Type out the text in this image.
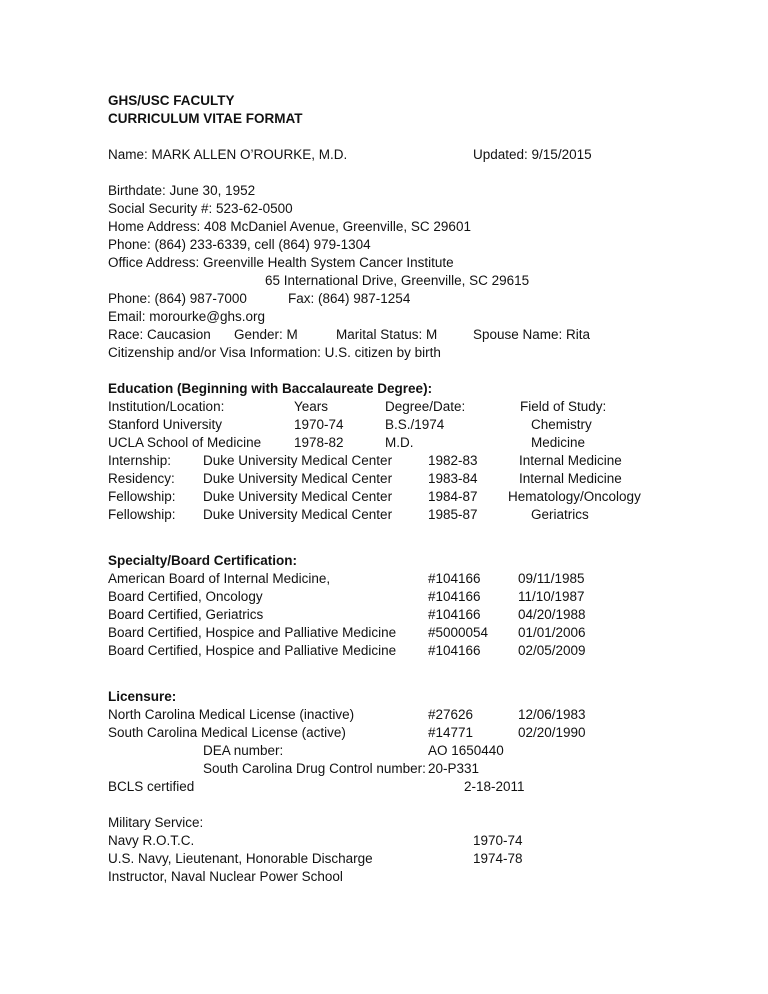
GHS/USC FACULTY
CURRICULUM VITAE FORMAT
Name: MARK ALLEN O’ROURKE, M.D.	Updated: 9/15/2015
Birthdate: June 30, 1952
Social Security #: 523-62-0500
Home Address: 408 McDaniel Avenue, Greenville, SC 29601
Phone: (864) 233-6339, cell (864) 979-1304
Office Address: Greenville Health System Cancer Institute
65 International Drive, Greenville, SC 29615
Phone: (864) 987-7000	Fax: (864) 987-1254
Email: morourke@ghs.org
Race: Caucasion Gender: M	Marital Status: M	Spouse Name: Rita
Citizenship and/or Visa Information: U.S. citizen by birth
Education (Beginning with Baccalaureate Degree):
Institution/Location:	Years	Degree/Date:	Field of Study:
Stanford University	1970-74	B.S./1974	Chemistry
UCLA School of Medicine 1978-82	M.D.	Medicine
Internship: Duke University Medical Center	1982-83	Internal Medicine
Residency: Duke University Medical Center	1983-84	Internal Medicine
Fellowship: Duke University Medical Center	1984-87 Hematology/Oncology
Fellowship: Duke University Medical Center	1985-87	Geriatrics
Specialty/Board Certification:
American Board of Internal Medicine,	#104166	09/11/1985
Board Certified, Oncology	#104166	11/10/1987
Board Certified, Geriatrics	#104166	04/20/1988
Board Certified, Hospice and Palliative Medicine #5000054 01/01/2006
Board Certified, Hospice and Palliative Medicine #104166	02/05/2009
Licensure:
North Carolina Medical License (inactive)	#27626	12/06/1983
South Carolina Medical License (active)	#14771	02/20/1990
DEA number:	AO 1650440
South Carolina Drug Control number: 20-P331
BCLS certified	2-18-2011
Military Service:
Navy R.O.T.C.	1970-74
U.S. Navy, Lieutenant, Honorable Discharge	1974-78
Instructor, Naval Nuclear Power School
